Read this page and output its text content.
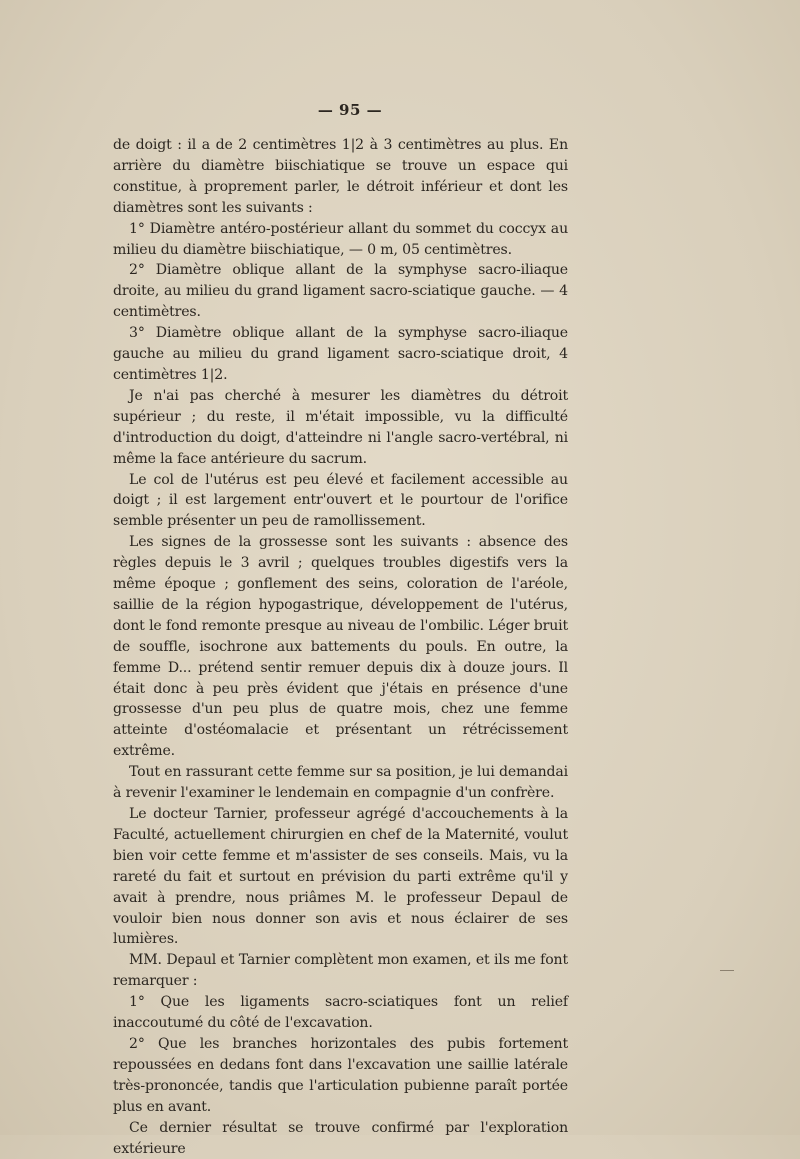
— 95 —

de doigt : il a de 2 centimètres 1|2 à 3 centimètres au plus. En arrière du diamètre biischiatique se trouve un espace qui constitue, à proprement parler, le détroit inférieur et dont les diamètres sont les suivants :

1° Diamètre antéro-postérieur allant du sommet du coccyx au milieu du diamètre biischiatique, — 0 m, 05 centimètres.

2° Diamètre oblique allant de la symphyse sacro-iliaque droite, au milieu du grand ligament sacro-sciatique gauche. — 4 centimètres.

3° Diamètre oblique allant de la symphyse sacro-iliaque gauche au milieu du grand ligament sacro-sciatique droit, 4 centimètres 1|2.

Je n'ai pas cherché à mesurer les diamètres du détroit supérieur ; du reste, il m'était impossible, vu la difficulté d'introduction du doigt, d'atteindre ni l'angle sacro-vertébral, ni même la face antérieure du sacrum.

Le col de l'utérus est peu élevé et facilement accessible au doigt ; il est largement entr'ouvert et le pourtour de l'orifice semble présenter un peu de ramollissement.

Les signes de la grossesse sont les suivants : absence des règles depuis le 3 avril ; quelques troubles digestifs vers la même époque ; gonflement des seins, coloration de l'aréole, saillie de la région hypogastrique, développement de l'utérus, dont le fond remonte presque au niveau de l'ombilic. Léger bruit de souffle, isochrone aux battements du pouls. En outre, la femme D... prétend sentir remuer depuis dix à douze jours. Il était donc à peu près évident que j'étais en présence d'une grossesse d'un peu plus de quatre mois, chez une femme atteinte d'ostéomalacie et présentant un rétrécissement extrême.

Tout en rassurant cette femme sur sa position, je lui demandai à revenir l'examiner le lendemain en compagnie d'un confrère.

Le docteur Tarnier, professeur agrégé d'accouchements à la Faculté, actuellement chirurgien en chef de la Maternité, voulut bien voir cette femme et m'assister de ses conseils. Mais, vu la rareté du fait et surtout en prévision du parti extrême qu'il y avait à prendre, nous priâmes M. le professeur Depaul de vouloir bien nous donner son avis et nous éclairer de ses lumières.

MM. Depaul et Tarnier complètent mon examen, et ils me font remarquer :

1° Que les ligaments sacro-sciatiques font un relief inaccoutumé du côté de l'excavation.

2° Que les branches horizontales des pubis fortement repoussées en dedans font dans l'excavation une saillie latérale très-prononcée, tandis que l'articulation pubienne paraît portée plus en avant.

Ce dernier résultat se trouve confirmé par l'exploration extérieure
